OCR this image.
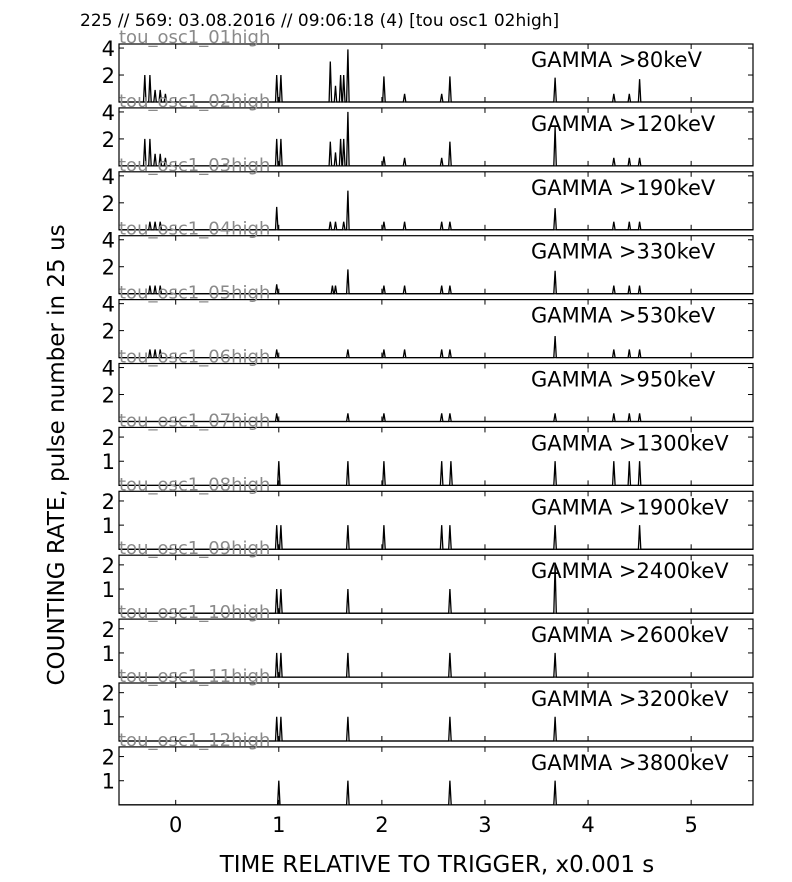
225 // 569: 03.08.2016 // 09:06:18 (4) [tou osc1 02high]
2
4	GAMMA >80keV
tou_osc1_01high
2
4	GAMMA >120keV
tou_osc1_02high
2
4	GAMMA >190keV
tou_osc1_03high
2
4	GAMMA >330keV
tou_osc1_04high
2
4	GAMMA >530keV
tou_osc1_05high
2
4	GAMMA >950keV
tou_osc1_06high
1
2	GAMMA >1300keV
tou_osc1_07high
1
2	GAMMA >1900keV
tou_osc1_08high
1
2	GAMMA >2400keV
tou_osc1_09high
1
2	GAMMA >2600keV
tou_osc1_10high
1
2	GAMMA >3200keV
tou_osc1_11high
1
2	GAMMA >3800keV
tou_osc1_12high
0	1	2	3	4	5
TIME RELATIVE TO TRIGGER, x0.001 s
COUNTING RATE, pulse number in 25 us
